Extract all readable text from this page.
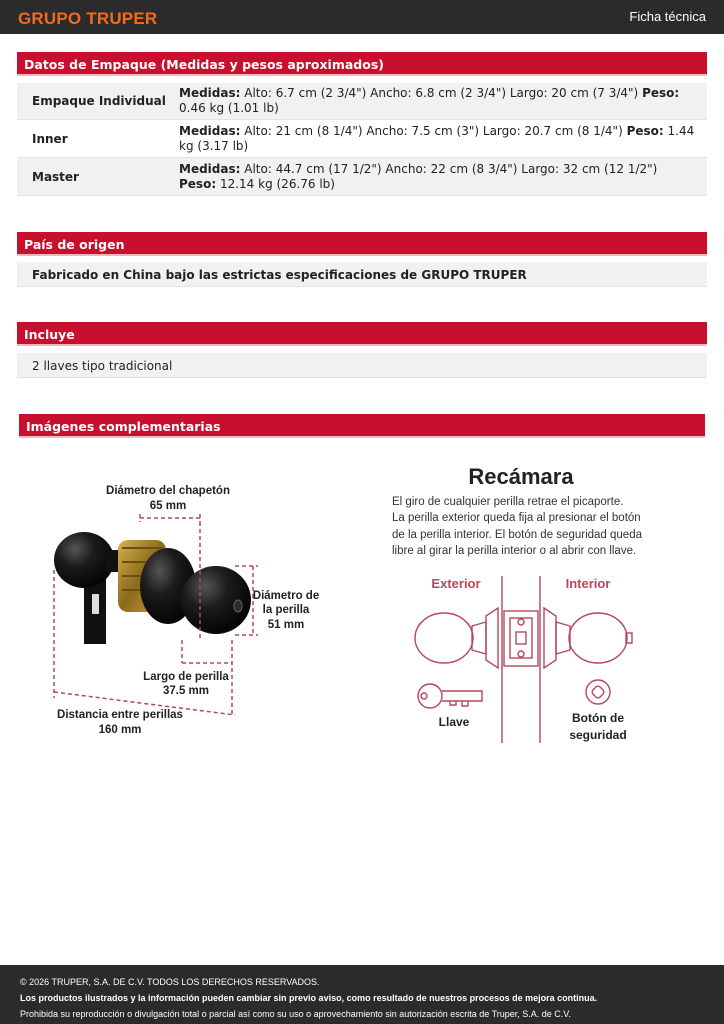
GRUPO TRUPER	Ficha técnica
Datos de Empaque (Medidas y pesos aproximados)
Empaque Individual
Medidas: Alto: 6.7 cm (2 3/4") Ancho: 6.8 cm (2 3/4") Largo: 20 cm (7 3/4") Peso: 0.46 kg (1.01 lb)
Inner
Medidas: Alto: 21 cm (8 1/4") Ancho: 7.5 cm (3") Largo: 20.7 cm (8 1/4") Peso: 1.44 kg (3.17 lb)
Master
Medidas: Alto: 44.7 cm (17 1/2") Ancho: 22 cm (8 3/4") Largo: 32 cm (12 1/2") Peso: 12.14 kg (26.76 lb)
País de origen
Fabricado en China bajo las estrictas especificaciones de GRUPO TRUPER
Incluye
2 llaves tipo tradicional
Imágenes complementarias
Diámetro del chapetón
65 mm
Diámetro de
la perilla
51 mm
Largo de perilla
37.5 mm
Distancia entre perillas
160 mm
Recámara
El giro de cualquier perilla retrae el picaporte.
La perilla exterior queda fija al presionar el botón
de la perilla interior. El botón de seguridad queda
libre al girar la perilla interior o al abrir con llave.
Exterior	Interior
Llave	Botón de
seguridad
© 2026 TRUPER, S.A. DE C.V. TODOS LOS DERECHOS RESERVADOS.
Los productos ilustrados y la información pueden cambiar sin previo aviso, como resultado de nuestros procesos de mejora continua.
Prohibida su reproducción o divulgación total o parcial así como su uso o aprovechamiento sin autorización escrita de Truper, S.A. de C.V.
